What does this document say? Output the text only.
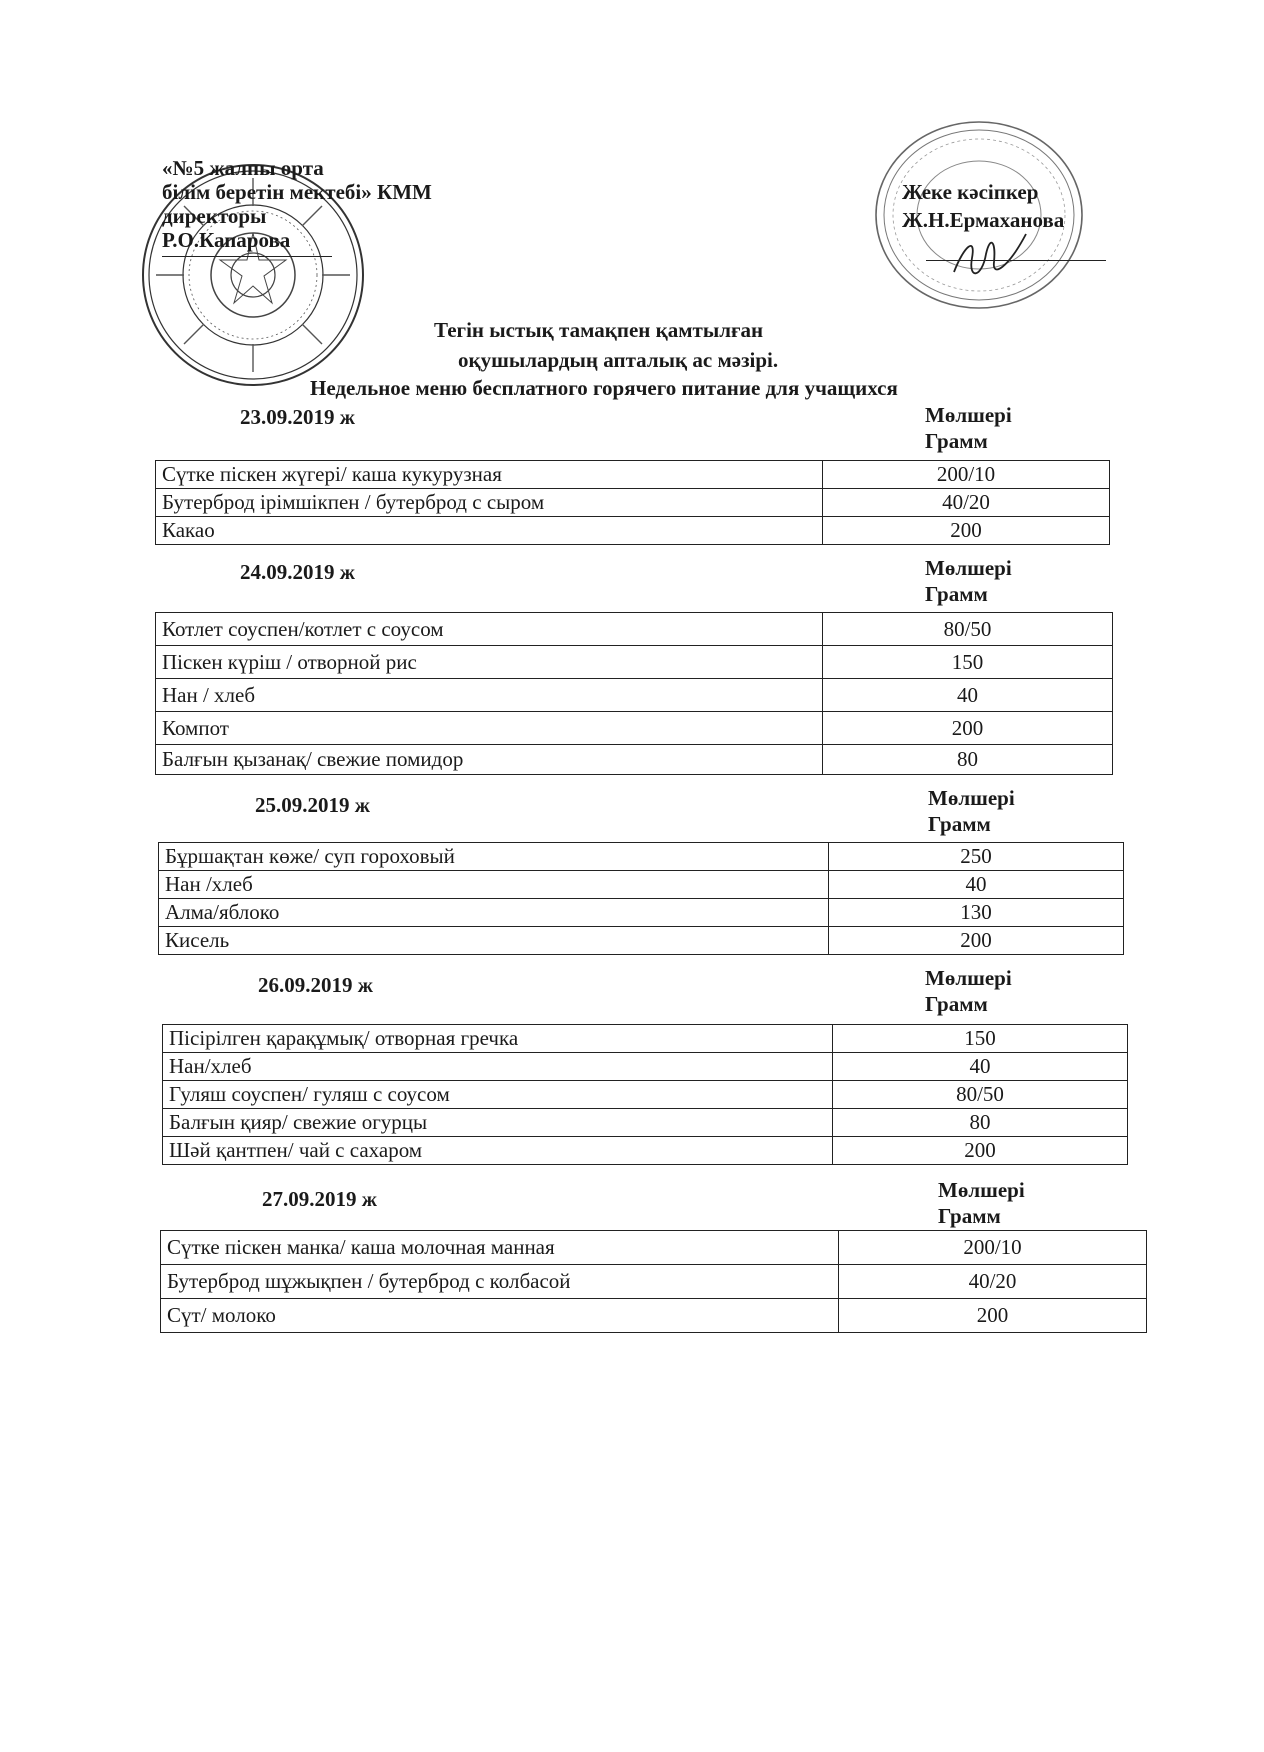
«№5 жалпы орта
білім беретін мектебі» КММ
директоры
Р.О.Капарова
Жеке кәсіпкер
Ж.Н.Ермаханова
Тегін ыстық тамақпен қамтылған
оқушылардың апталық ас мәзірі.
Недельное меню бесплатного горячего питание для учащихся
23.09.2019 ж	Мөлшері
Грамм
Сүтке піскен жүгері/ каша кукурузная	200/10
Бутерброд ірімшікпен / бутерброд с сыром	40/20
Какао	200
24.09.2019 ж	Мөлшері
Грамм
Котлет соуспен/котлет с соусом	80/50
Піскен күріш / отворной рис	150
Нан / хлеб	40
Компот	200
Балғын қызанақ/ свежие помидор	80
25.09.2019 ж	Мөлшері
Грамм
Бұршақтан көже/ суп гороховый	250
Нан /хлеб	40
Алма/яблоко	130
Кисель	200
26.09.2019 ж	Мөлшері
Грамм
Пісірілген қарақұмық/ отворная гречка	150
Нан/хлеб	40
Гуляш соуспен/ гуляш с соусом	80/50
Балғын қияр/ свежие огурцы	80
Шәй қантпен/ чай с сахаром	200
27.09.2019 ж	Мөлшері
Грамм
Сүтке піскен манка/ каша молочная манная	200/10
Бутерброд шұжықпен / бутерброд с колбасой	40/20
Сүт/ молоко	200
